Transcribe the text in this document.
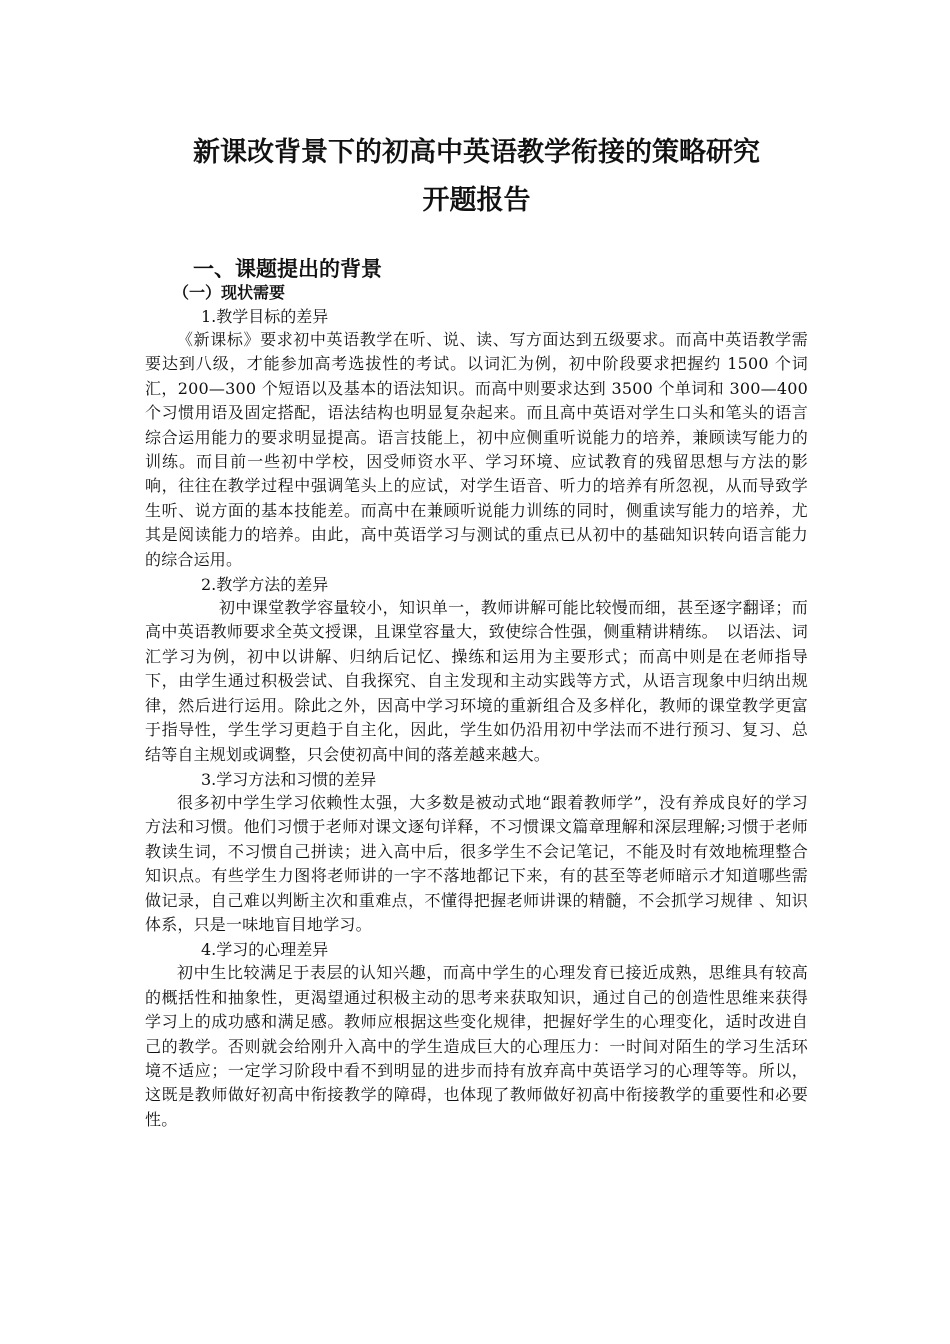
新课改背景下的初高中英语教学衔接的策略研究
开题报告
一、课题提出的背景
（一）现状需要
1.教学目标的差异

《新课标》要求初中英语教学在听、说、读、写方面达到五级要求。而高中英语教学需要达到八级，才能参加高考选拔性的考试。以词汇为例，初中阶段要求把握约 1500 个词汇，200—300 个短语以及基本的语法知识。而高中则要求达到 3500 个单词和 300—400 个习惯用语及固定搭配，语法结构也明显复杂起来。而且高中英语对学生口头和笔头的语言综合运用能力的要求明显提高。语言技能上，初中应侧重听说能力的培养，兼顾读写能力的训练。而目前一些初中学校，因受师资水平、学习环境、应试教育的残留思想与方法的影响，往往在教学过程中强调笔头上的应试，对学生语音、听力的培养有所忽视，从而导致学生听、说方面的基本技能差。而高中在兼顾听说能力训练的同时，侧重读写能力的培养，尤其是阅读能力的培养。由此，高中英语学习与测试的重点已从初中的基础知识转向语言能力的综合运用。

2.教学方法的差异

初中课堂教学容量较小，知识单一，教师讲解可能比较慢而细，甚至逐字翻译；而高中英语教师要求全英文授课，且课堂容量大，致使综合性强，侧重精讲精练。　以语法、词汇学习为例，初中以讲解、归纳后记忆、操练和运用为主要形式；而高中则是在老师指导下，由学生通过积极尝试、自我探究、自主发现和主动实践等方式，从语言现象中归纳出规律，然后进行运用。除此之外，因高中学习环境的重新组合及多样化，教师的课堂教学更富于指导性，学生学习更趋于自主化，因此，学生如仍沿用初中学法而不进行预习、复习、总结等自主规划或调整，只会使初高中间的落差越来越大。

3.学习方法和习惯的差异

很多初中学生学习依赖性太强，大多数是被动式地“跟着教师学”，没有养成良好的学习方法和习惯。他们习惯于老师对课文逐句详释，不习惯课文篇章理解和深层理解;习惯于老师教读生词，不习惯自己拼读；进入高中后，很多学生不会记笔记，不能及时有效地梳理整合知识点。有些学生力图将老师讲的一字不落地都记下来，有的甚至等老师暗示才知道哪些需做记录，自己难以判断主次和重难点，不懂得把握老师讲课的精髓，不会抓学习规律 、知识体系，只是一味地盲目地学习。

4.学习的心理差异

初中生比较满足于表层的认知兴趣，而高中学生的心理发育已接近成熟，思维具有较高的概括性和抽象性，更渴望通过积极主动的思考来获取知识，通过自己的创造性思维来获得学习上的成功感和满足感。教师应根据这些变化规律，把握好学生的心理变化，适时改进自己的教学。否则就会给刚升入高中的学生造成巨大的心理压力：一时间对陌生的学习生活环境不适应；一定学习阶段中看不到明显的进步而持有放弃高中英语学习的心理等等。所以，这既是教师做好初高中衔接教学的障碍，也体现了教师做好初高中衔接教学的重要性和必要性。
